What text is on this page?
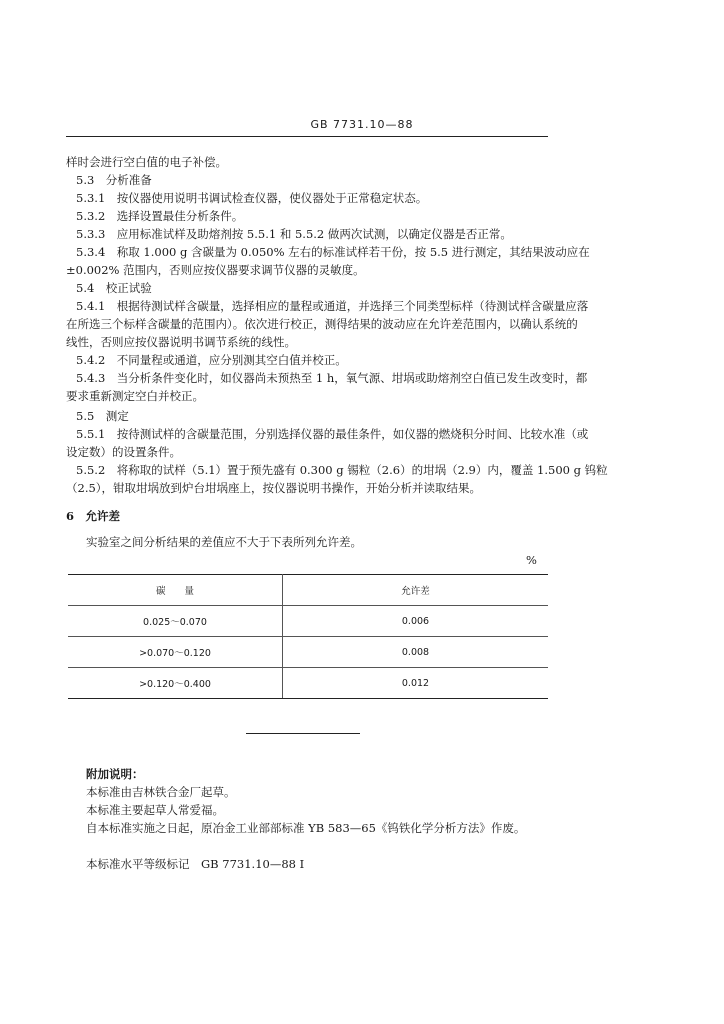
GB 7731.10—88
样时会进行空白值的电子补偿。
5.3　分析准备
5.3.1　按仪器使用说明书调试检查仪器，使仪器处于正常稳定状态。
5.3.2　选择设置最佳分析条件。
5.3.3　应用标准试样及助熔剂按 5.5.1 和 5.5.2 做两次试测，以确定仪器是否正常。
5.3.4　称取 1.000 g 含碳量为 0.050% 左右的标准试样若干份，按 5.5 进行测定，其结果波动应在
±0.002% 范围内，否则应按仪器要求调节仪器的灵敏度。
5.4　校正试验
5.4.1　根据待测试样含碳量，选择相应的量程或通道，并选择三个同类型标样（待测试样含碳量应落
在所选三个标样含碳量的范围内）。依次进行校正，测得结果的波动应在允许差范围内，以确认系统的
线性，否则应按仪器说明书调节系统的线性。
5.4.2　不同量程或通道，应分别测其空白值并校正。
5.4.3　当分析条件变化时，如仪器尚未预热至 1 h，氧气源、坩埚或助熔剂空白值已发生改变时，都
要求重新测定空白并校正。
5.5　测定
5.5.1　按待测试样的含碳量范围，分别选择仪器的最佳条件，如仪器的燃烧积分时间、比较水准（或
设定数）的设置条件。
5.5.2　将称取的试样（5.1）置于预先盛有 0.300 g 锡粒（2.6）的坩埚（2.9）内，覆盖 1.500 g 钨粒
（2.5），钳取坩埚放到炉台坩埚座上，按仪器说明书操作，开始分析并读取结果。
6　允许差
实验室之间分析结果的差值应不大于下表所列允许差。
%
碳　　量	允许差
0.025～0.070	0.006
>0.070～0.120	0.008
>0.120～0.400	0.012
附加说明：
本标准由吉林铁合金厂起草。
本标准主要起草人常爱福。
自本标准实施之日起，原冶金工业部部标准 YB 583—65《钨铁化学分析方法》作废。
本标准水平等级标记　GB 7731.10—88 I
